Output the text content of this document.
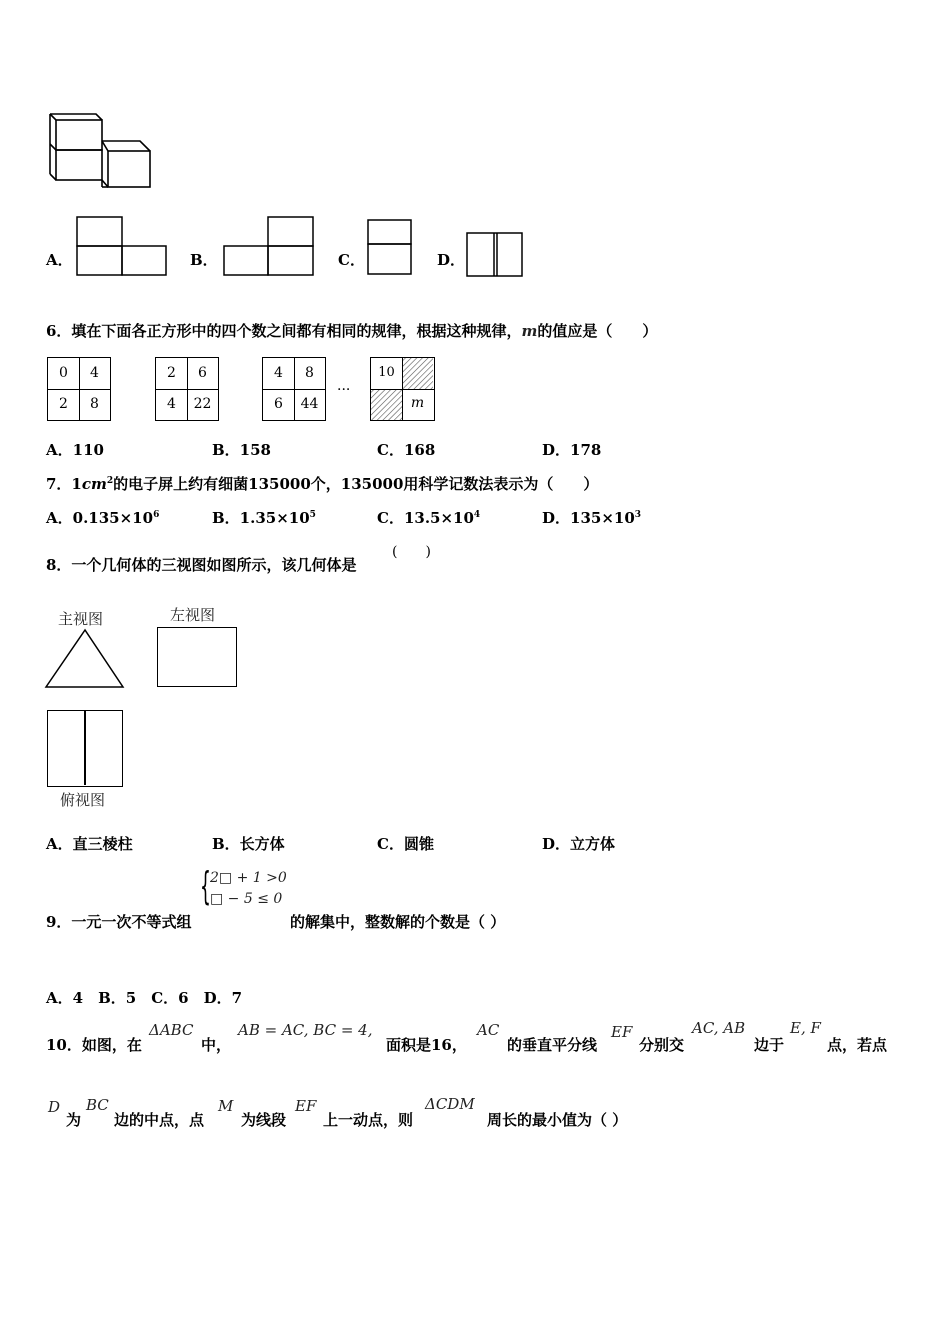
A．	B．	C．	D．
6．填在下面各正方形中的四个数之间都有相同的规律，根据这种规律，m的值应是（　　）
0	4
2	8
2	6
4	22
4	8
6	44
···
10
m
A．110	B．158	C．168	D．178
7．$1cm^2$的电子屏上约有细菌135000个，135000用科学记数法表示为（　　）
A．$0.135\times 10^6$	B．$1.35\times 10^5$	C．$13.5\times 10^4$	D．$135\times 10^3$
8．一个几何体的三视图如图所示，该几何体是
(　　)
主视图	左视图
俯视图
A．直三棱柱	B．长方体	C．圆锥	D．立方体
{ 2□ + 1 >0
□ − 5 ≤ 0
9．一元一次不等式组	的解集中，整数解的个数是（ ）
A．4　B．5　C．6　D．7
10．如图，在
ΔABC
中，
AB = AC, BC = 4,
面积是16，
AC
的垂直平分线
EF
分别交
AC, AB
边于
E, F
点，若点
D
为
BC
边的中点，点
M
为线段
EF
上一动点，则
ΔCDM
周长的最小值为（ ）
